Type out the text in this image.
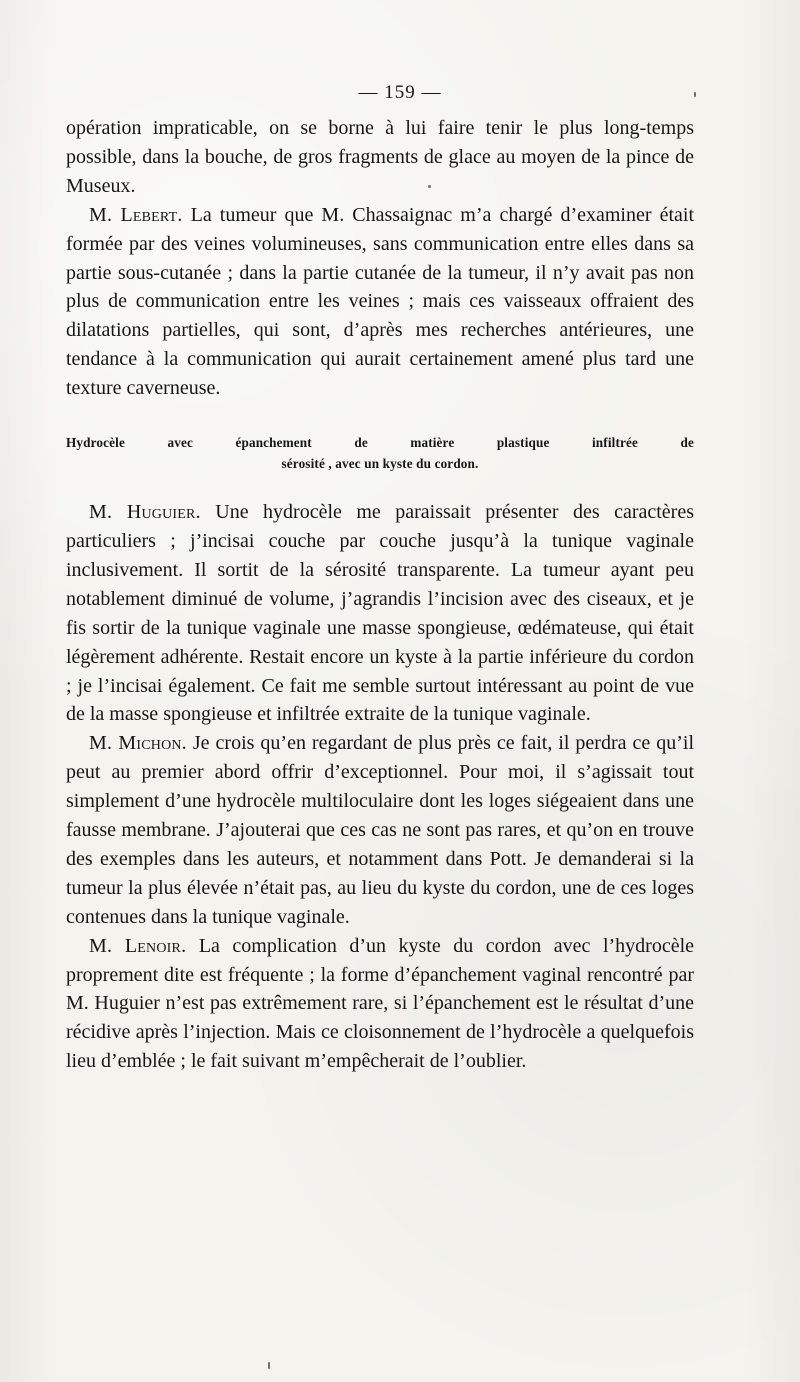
— 159 —

opération impraticable, on se borne à lui faire tenir le plus long-temps possible, dans la bouche, de gros fragments de glace au moyen de la pince de Museux.

M. Lebert. La tumeur que M. Chassaignac m’a chargé d’examiner était formée par des veines volumineuses, sans communication entre elles dans sa partie sous-cutanée ; dans la partie cutanée de la tumeur, il n’y avait pas non plus de communication entre les veines ; mais ces vaisseaux offraient des dilatations partielles, qui sont, d’après mes recherches antérieures, une tendance à la communication qui aurait certainement amené plus tard une texture caverneuse.

Hydrocèle avec épanchement de matière plastique infiltrée de
sérosité , avec un kyste du cordon.

M. Huguier. Une hydrocèle me paraissait présenter des caractères particuliers ; j’incisai couche par couche jusqu’à la tunique vaginale inclusivement. Il sortit de la sérosité transparente. La tumeur ayant peu notablement diminué de volume, j’agrandis l’incision avec des ciseaux, et je fis sortir de la tunique vaginale une masse spongieuse, œdémateuse, qui était légèrement adhérente. Restait encore un kyste à la partie inférieure du cordon ; je l’incisai également. Ce fait me semble surtout intéressant au point de vue de la masse spongieuse et infiltrée extraite de la tunique vaginale.

M. Michon. Je crois qu’en regardant de plus près ce fait, il perdra ce qu’il peut au premier abord offrir d’exceptionnel. Pour moi, il s’agissait tout simplement d’une hydrocèle multiloculaire dont les loges siégeaient dans une fausse membrane. J’ajouterai que ces cas ne sont pas rares, et qu’on en trouve des exemples dans les auteurs, et notamment dans Pott. Je demanderai si la tumeur la plus élevée n’était pas, au lieu du kyste du cordon, une de ces loges contenues dans la tunique vaginale.

M. Lenoir. La complication d’un kyste du cordon avec l’hydrocèle proprement dite est fréquente ; la forme d’épanchement vaginal rencontré par M. Huguier n’est pas extrêmement rare, si l’épanchement est le résultat d’une récidive après l’injection. Mais ce cloisonnement de l’hydrocèle a quelquefois lieu d’emblée ; le fait suivant m’empêcherait de l’oublier.
